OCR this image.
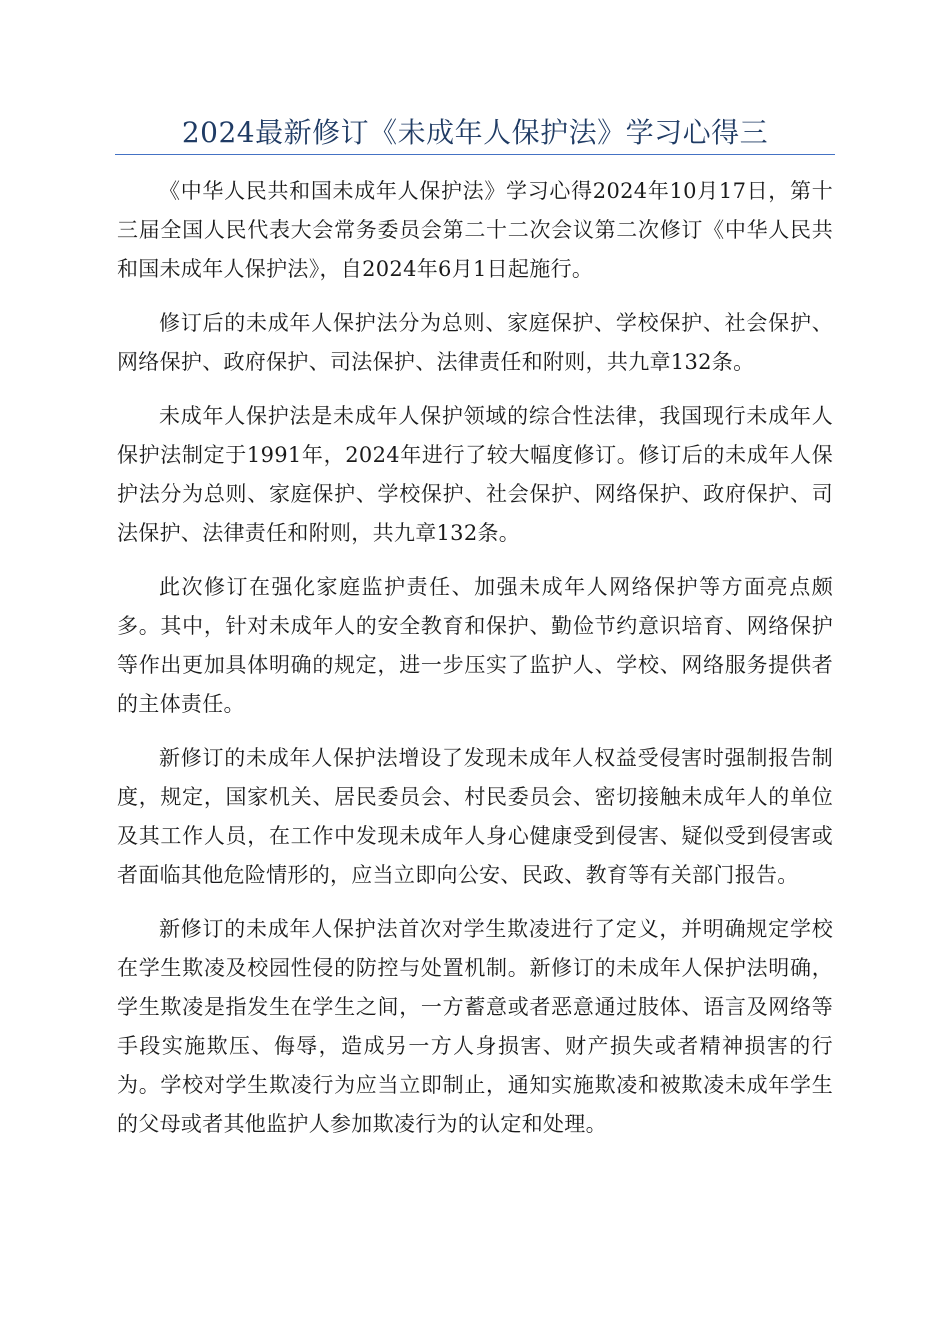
2024最新修订《未成年人保护法》学习心得三

《中华人民共和国未成年人保护法》学习心得2024年10月17日，第十三届全国人民代表大会常务委员会第二十二次会议第二次修订《中华人民共和国未成年人保护法》，自2024年6月1日起施行。

修订后的未成年人保护法分为总则、家庭保护、学校保护、社会保护、网络保护、政府保护、司法保护、法律责任和附则，共九章132条。

未成年人保护法是未成年人保护领域的综合性法律，我国现行未成年人保护法制定于1991年，2024年进行了较大幅度修订。修订后的未成年人保护法分为总则、家庭保护、学校保护、社会保护、网络保护、政府保护、司法保护、法律责任和附则，共九章132条。

此次修订在强化家庭监护责任、加强未成年人网络保护等方面亮点颇多。其中，针对未成年人的安全教育和保护、勤俭节约意识培育、网络保护等作出更加具体明确的规定，进一步压实了监护人、学校、网络服务提供者的主体责任。

新修订的未成年人保护法增设了发现未成年人权益受侵害时强制报告制度，规定，国家机关、居民委员会、村民委员会、密切接触未成年人的单位及其工作人员，在工作中发现未成年人身心健康受到侵害、疑似受到侵害或者面临其他危险情形的，应当立即向公安、民政、教育等有关部门报告。

新修订的未成年人保护法首次对学生欺凌进行了定义，并明确规定学校在学生欺凌及校园性侵的防控与处置机制。新修订的未成年人保护法明确，学生欺凌是指发生在学生之间，一方蓄意或者恶意通过肢体、语言及网络等手段实施欺压、侮辱，造成另一方人身损害、财产损失或者精神损害的行为。学校对学生欺凌行为应当立即制止，通知实施欺凌和被欺凌未成年学生的父母或者其他监护人参加欺凌行为的认定和处理。
